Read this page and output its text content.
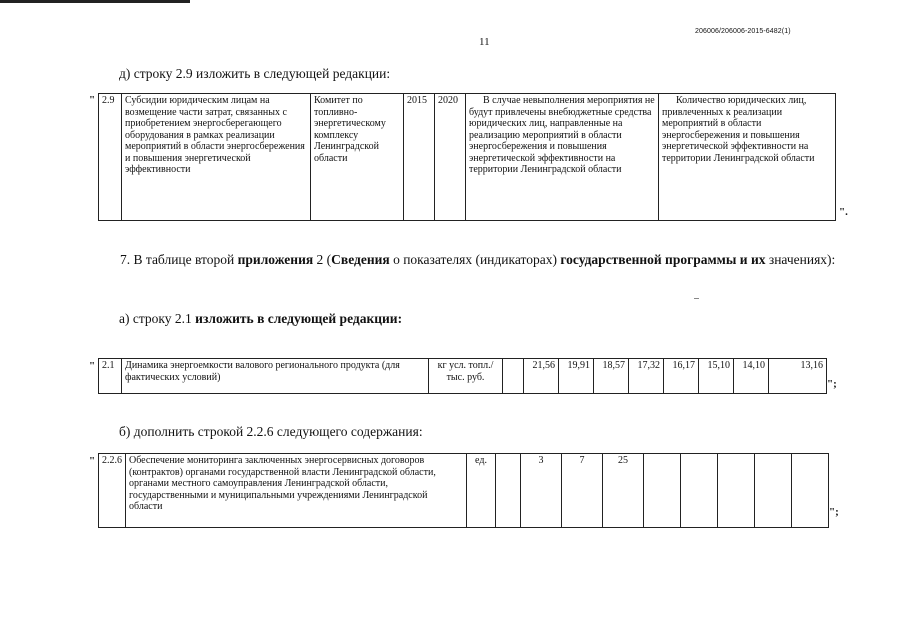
206006/206006-2015-6482(1)
11
д) строку 2.9 изложить в следующей редакции:
" 2.9	Субсидии юридическим лицам на возмещение части затрат, связанных с приобретением энергосберегающего оборудования в рамках реализации мероприятий в области энергосбережения и повышения энергетической эффективности	Комитет по топливно-энергетическому комплексу Ленинградской области	2015	2020	В случае невыполнения мероприятия не будут привлечены внебюджетные средства юридических лиц, направленные на реализацию мероприятий в области энергосбережения и повышения энергетической эффективности на территории Ленинградской области	Количество юридических лиц, привлеченных к реализации мероприятий в области энергосбережения и повышения энергетической эффективности на территории Ленинградской области
".
7. В таблице второй приложения 2 (Сведения о показателях (индикаторах) государственной программы и их значениях):
а) строку 2.1 изложить в следующей редакции:
" 2.1	Динамика энергоемкости валового регионального продукта (для фактических условий)	кг усл. топл./ тыс. руб.		21,56	19,91	18,57	17,32	16,17	15,10	14,10	13,16
";
б) дополнить строкой 2.2.6 следующего содержания:
" 2.2.6	Обеспечение мониторинга заключенных энергосервисных договоров (контрактов) органами государственной власти Ленинградской области, органами местного самоуправления Ленинградской области, государственными и муниципальными учреждениями Ленинградской области	ед.		3	7	25					
";
